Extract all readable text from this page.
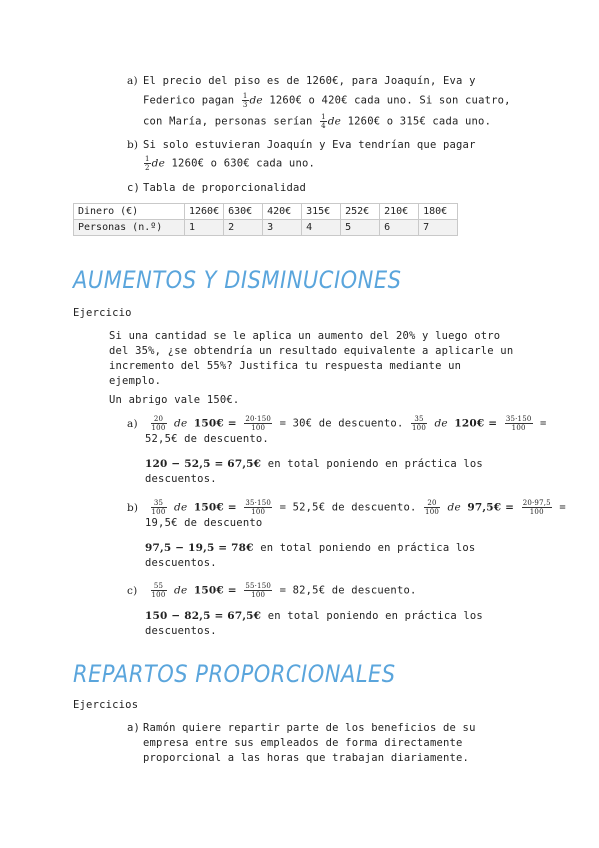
a) El precio del piso es de 1260€, para Joaquín, Eva y
Federico pagan $\frac{1}{3}$ de 1260€ o 420€ cada uno. Si son cuatro,
con María, personas serían $\frac{1}{4}$ de 1260€ o 315€ cada uno.
b) Si solo estuvieran Joaquín y Eva tendrían que pagar
$\frac{1}{2}$ de 1260€ o 630€ cada uno.
c) Tabla de proporcionalidad
Dinero (€)	1260€	630€	420€	315€	252€	210€	180€
Personas (n.º)	1	2	3	4	5	6	7
AUMENTOS Y DISMINUCIONES
Ejercicio
Si una cantidad se le aplica un aumento del 20% y luego otro
del 35%, ¿se obtendría un resultado equivalente a aplicarle un
incremento del 55%? Justifica tu respuesta mediante un
ejemplo.
Un abrigo vale 150€.
$a) \frac{20}{100}$ de 150€ = $\frac{20\cdot 150}{100}$ = 30€ de descuento. $\frac{35}{100}$ de 120€ = $\frac{35\cdot 150}{100}$ =
52,5€ de descuento.
120 − 52,5 = 67,5€ en total poniendo en práctica los
descuentos.
$b) \frac{35}{100}$ de 150€ = $\frac{35\cdot 150}{100}$ = 52,5€ de descuento. $\frac{20}{100}$ de 97,5€ = $\frac{20\cdot 97,5}{100}$ =
19,5€ de descuento
97,5 − 19,5 = 78€ en total poniendo en práctica los
descuentos.
$c) \frac{55}{100}$ de 150€ = $\frac{55\cdot 150}{100}$ = 82,5€ de descuento.
150 − 82,5 = 67,5€ en total poniendo en práctica los
descuentos.
REPARTOS PROPORCIONALES
Ejercicios
a) Ramón quiere repartir parte de los beneficios de su
empresa entre sus empleados de forma directamente
proporcional a las horas que trabajan diariamente.
